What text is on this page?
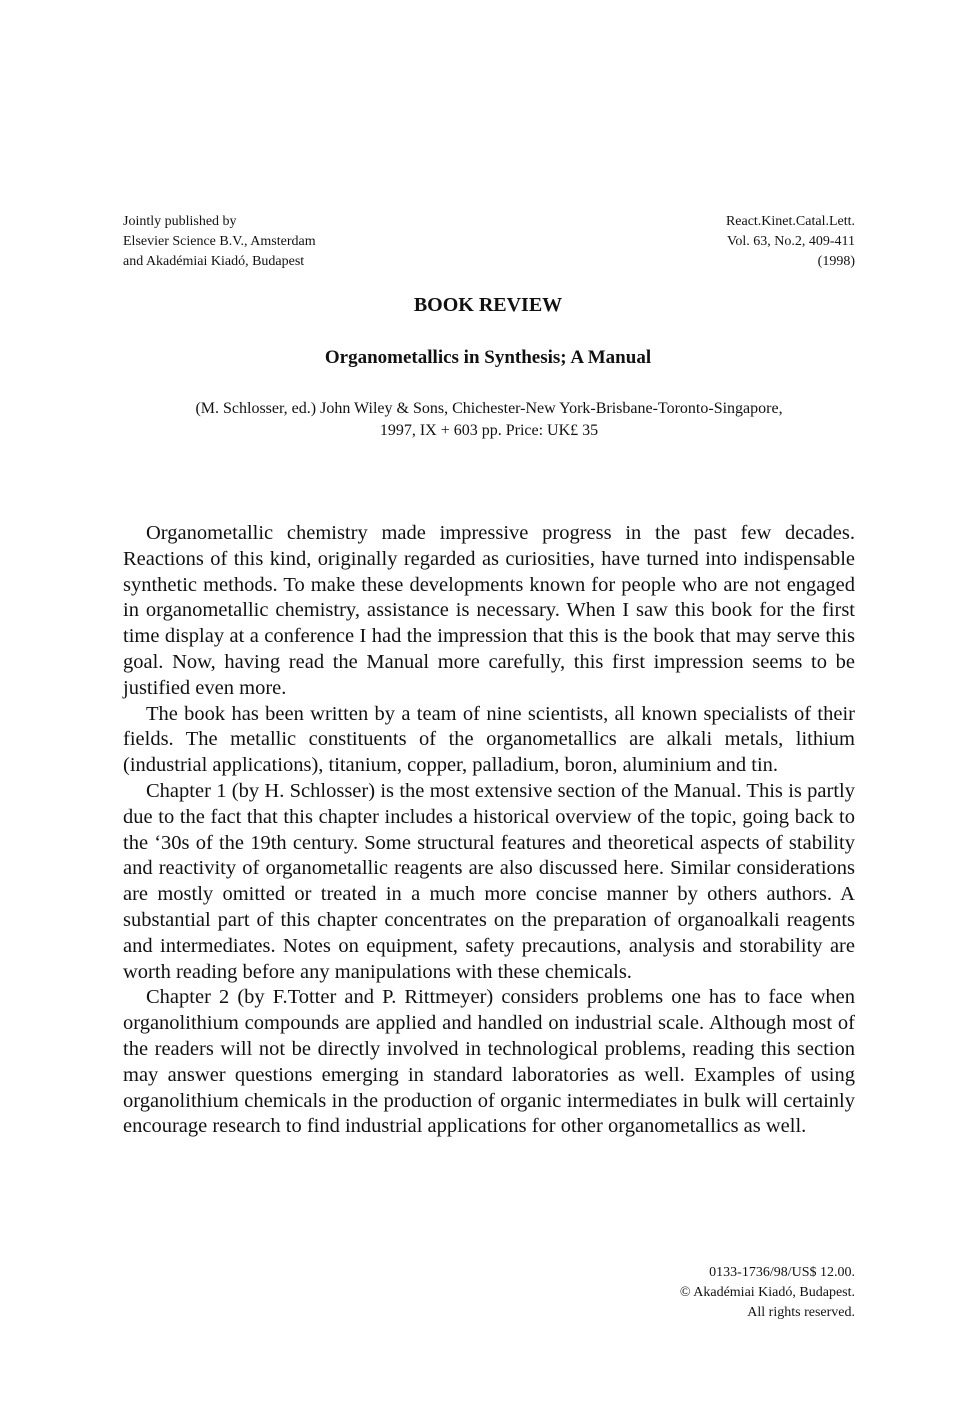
Jointly published by
Elsevier Science B.V., Amsterdam
and Akadémiai Kiadó, Budapest
React.Kinet.Catal.Lett.
Vol. 63, No.2, 409-411
(1998)
BOOK REVIEW
Organometallics in Synthesis; A Manual
(M. Schlosser, ed.) John Wiley & Sons, Chichester-New York-Brisbane-Toronto-Singapore,
1997, IX + 603 pp. Price: UK£ 35

Organometallic chemistry made impressive progress in the past few decades. Reactions of this kind, originally regarded as curiosities, have turned into indispensable synthetic methods. To make these developments known for people who are not engaged in organometallic chemistry, assistance is necessary. When I saw this book for the first time display at a conference I had the impression that this is the book that may serve this goal. Now, having read the Manual more carefully, this first impression seems to be justified even more.

The book has been written by a team of nine scientists, all known specialists of their fields. The metallic constituents of the organometallics are alkali metals, lithium (industrial applications), titanium, copper, palladium, boron, aluminium and tin.

Chapter 1 (by H. Schlosser) is the most extensive section of the Manual. This is partly due to the fact that this chapter includes a historical overview of the topic, going back to the ‘30s of the 19th century. Some structural features and theoretical aspects of stability and reactivity of organometallic reagents are also discussed here. Similar considerations are mostly omitted or treated in a much more concise manner by others authors. A substantial part of this chapter concentrates on the preparation of organoalkali reagents and intermediates. Notes on equipment, safety precautions, analysis and storability are worth reading before any manipulations with these chemicals.

Chapter 2 (by F.Totter and P. Rittmeyer) considers problems one has to face when organolithium compounds are applied and handled on industrial scale. Although most of the readers will not be directly involved in technological problems, reading this section may answer questions emerging in standard laboratories as well. Examples of using organolithium chemicals in the production of organic intermediates in bulk will certainly encourage research to find industrial applications for other organometallics as well.

0133-1736/98/US$ 12.00.
© Akadémiai Kiadó, Budapest.
All rights reserved.
